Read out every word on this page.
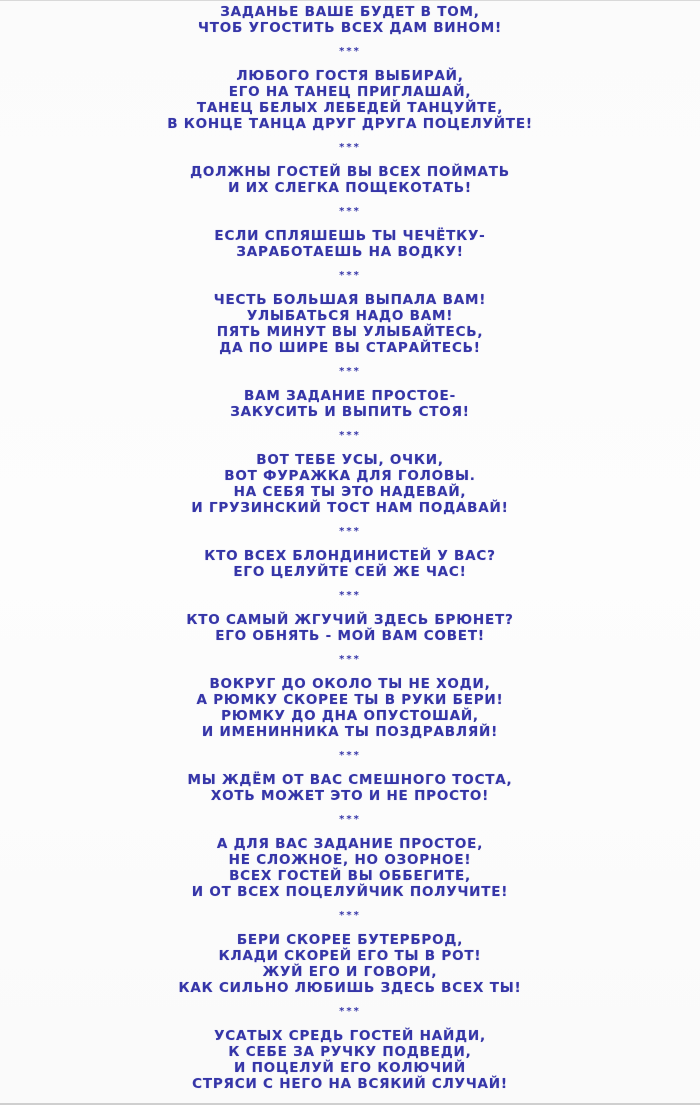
ЗАДАНЬЕ ВАШЕ БУДЕТ В ТОМ,
ЧТОБ УГОСТИТЬ ВСЕХ ДАМ ВИНОМ!
***
ЛЮБОГО ГОСТЯ ВЫБИРАЙ,
ЕГО НА ТАНЕЦ ПРИГЛАШАЙ,
ТАНЕЦ БЕЛЫХ ЛЕБЕДЕЙ ТАНЦУЙТЕ,
В КОНЦЕ ТАНЦА ДРУГ ДРУГА ПОЦЕЛУЙТЕ!
***
ДОЛЖНЫ ГОСТЕЙ ВЫ ВСЕХ ПОЙМАТЬ
И ИХ СЛЕГКА ПОЩЕКОТАТЬ!
***
ЕСЛИ СПЛЯШЕШЬ ТЫ ЧЕЧЁТКУ-
ЗАРАБОТАЕШЬ НА ВОДКУ!
***
ЧЕСТЬ БОЛЬШАЯ ВЫПАЛА ВАМ!
УЛЫБАТЬСЯ НАДО ВАМ!
ПЯТЬ МИНУТ ВЫ УЛЫБАЙТЕСЬ,
ДА ПО ШИРЕ ВЫ СТАРАЙТЕСЬ!
***
ВАМ ЗАДАНИЕ ПРОСТОЕ-
ЗАКУСИТЬ И ВЫПИТЬ СТОЯ!
***
ВОТ ТЕБЕ УСЫ, ОЧКИ,
ВОТ ФУРАЖКА ДЛЯ ГОЛОВЫ.
НА СЕБЯ ТЫ ЭТО НАДЕВАЙ,
И ГРУЗИНСКИЙ ТОСТ НАМ ПОДАВАЙ!
***
КТО ВСЕХ БЛОНДИНИСТЕЙ У ВАС?
ЕГО ЦЕЛУЙТЕ СЕЙ ЖЕ ЧАС!
***
КТО САМЫЙ ЖГУЧИЙ ЗДЕСЬ БРЮНЕТ?
ЕГО ОБНЯТЬ - МОЙ ВАМ СОВЕТ!
***
ВОКРУГ ДО ОКОЛО ТЫ НЕ ХОДИ,
А РЮМКУ СКОРЕЕ ТЫ В РУКИ БЕРИ!
РЮМКУ ДО ДНА ОПУСТОШАЙ,
И ИМЕНИННИКА ТЫ ПОЗДРАВЛЯЙ!
***
МЫ ЖДЁМ ОТ ВАС СМЕШНОГО ТОСТА,
ХОТЬ МОЖЕТ ЭТО И НЕ ПРОСТО!
***
А ДЛЯ ВАС ЗАДАНИЕ ПРОСТОЕ,
НЕ СЛОЖНОЕ, НО ОЗОРНОЕ!
ВСЕХ ГОСТЕЙ ВЫ ОББЕГИТЕ,
И ОТ ВСЕХ ПОЦЕЛУЙЧИК ПОЛУЧИТЕ!
***
БЕРИ СКОРЕЕ БУТЕРБРОД,
КЛАДИ СКОРЕЙ ЕГО ТЫ В РОТ!
ЖУЙ ЕГО И ГОВОРИ,
КАК СИЛЬНО ЛЮБИШЬ ЗДЕСЬ ВСЕХ ТЫ!
***
УСАТЫХ СРЕДЬ ГОСТЕЙ НАЙДИ,
К СЕБЕ ЗА РУЧКУ ПОДВЕДИ,
И ПОЦЕЛУЙ ЕГО КОЛЮЧИЙ
СТРЯСИ С НЕГО НА ВСЯКИЙ СЛУЧАЙ!
